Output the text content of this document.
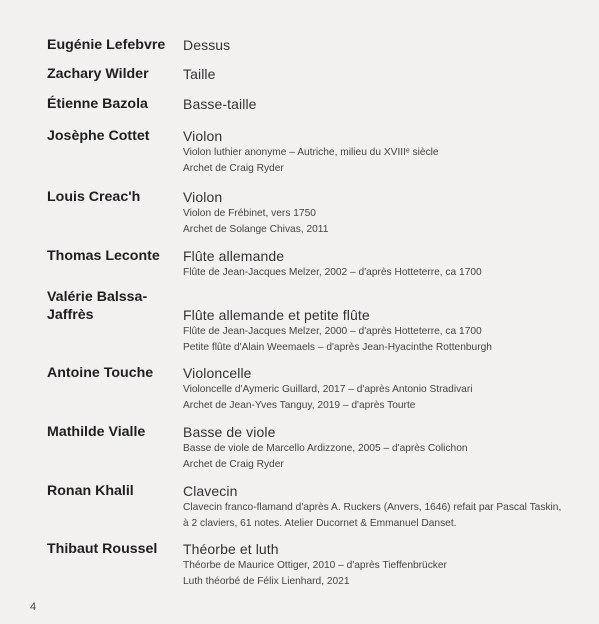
Eugénie Lefebvre	Dessus
Zachary Wilder	Taille
Étienne Bazola	Basse-taille
Josèphe Cottet	Violon
Violon luthier anonyme – Autriche, milieu du XVIIIᵉ siècle
Archet de Craig Ryder
Louis Creac'h	Violon
Violon de Frébinet, vers 1750
Archet de Solange Chivas, 2011
Thomas Leconte	Flûte allemande
Flûte de Jean-Jacques Melzer, 2002 – d'après Hotteterre, ca 1700
Valérie Balssa-Jaffrès	Flûte allemande et petite flûte
Flûte de Jean-Jacques Melzer, 2000 – d'après Hotteterre, ca 1700
Petite flûte d'Alain Weemaels – d'après Jean-Hyacinthe Rottenburgh
Antoine Touche	Violoncelle
Violoncelle d'Aymeric Guillard, 2017 – d'après Antonio Stradivari
Archet de Jean-Yves Tanguy, 2019 – d'après Tourte
Mathilde Vialle	Basse de viole
Basse de viole de Marcello Ardizzone, 2005 – d'après Colichon
Archet de Craig Ryder
Ronan Khalil	Clavecin
Clavecin franco-flamand d'après A. Ruckers (Anvers, 1646) refait par Pascal Taskin,
à 2 claviers, 61 notes. Atelier Ducornet & Emmanuel Danset.
Thibaut Roussel	Théorbe et luth
Théorbe de Maurice Ottiger, 2010 – d'après Tieffenbrücker
Luth théorbé de Félix Lienhard, 2021
4
